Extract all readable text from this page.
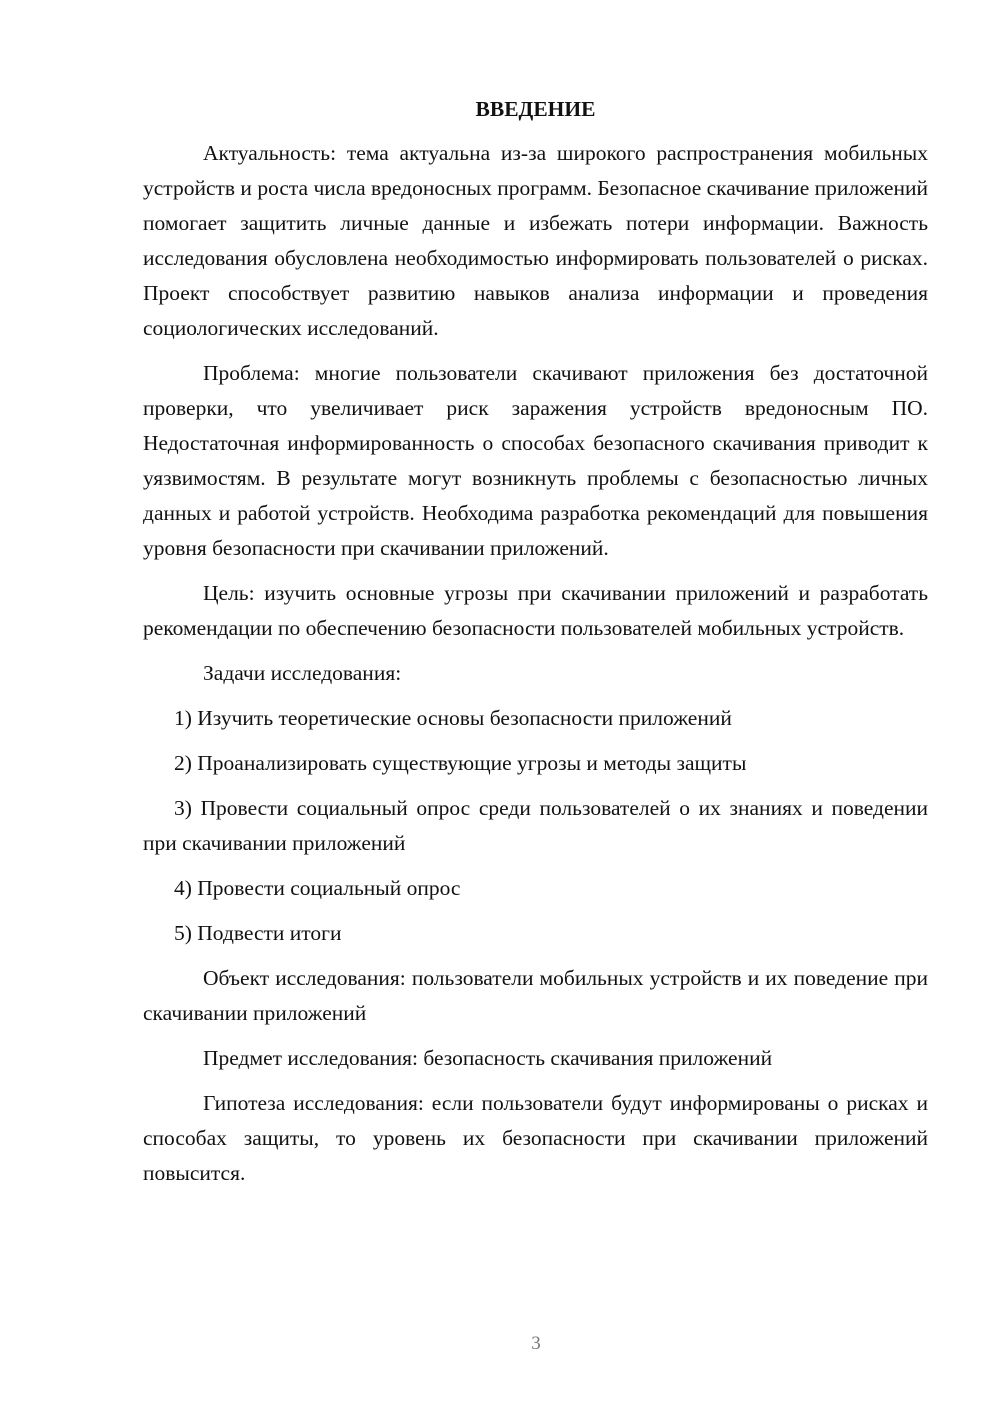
ВВЕДЕНИЕ

Актуальность: тема актуальна из-за широкого распространения мобильных устройств и роста числа вредоносных программ. Безопасное скачивание приложений помогает защитить личные данные и избежать потери информации. Важность исследования обусловлена необходимостью информировать пользователей о рисках. Проект способствует развитию навыков анализа информации и проведения социологических исследований.

Проблема: многие пользователи скачивают приложения без достаточной проверки, что увеличивает риск заражения устройств вредоносным ПО. Недостаточная информированность о способах безопасного скачивания приводит к уязвимостям. В результате могут возникнуть проблемы с безопасностью личных данных и работой устройств. Необходима разработка рекомендаций для повышения уровня безопасности при скачивании приложений.

Цель: изучить основные угрозы при скачивании приложений и разработать рекомендации по обеспечению безопасности пользователей мобильных устройств.

Задачи исследования:

1) Изучить теоретические основы безопасности приложений

2) Проанализировать существующие угрозы и методы защиты

3) Провести социальный опрос среди пользователей о их знаниях и поведении при скачивании приложений

4) Провести социальный опрос

5) Подвести итоги

Объект исследования: пользователи мобильных устройств и их поведение при скачивании приложений

Предмет исследования: безопасность скачивания приложений

Гипотеза исследования: если пользователи будут информированы о рисках и способах защиты, то уровень их безопасности при скачивании приложений повысится.

3
